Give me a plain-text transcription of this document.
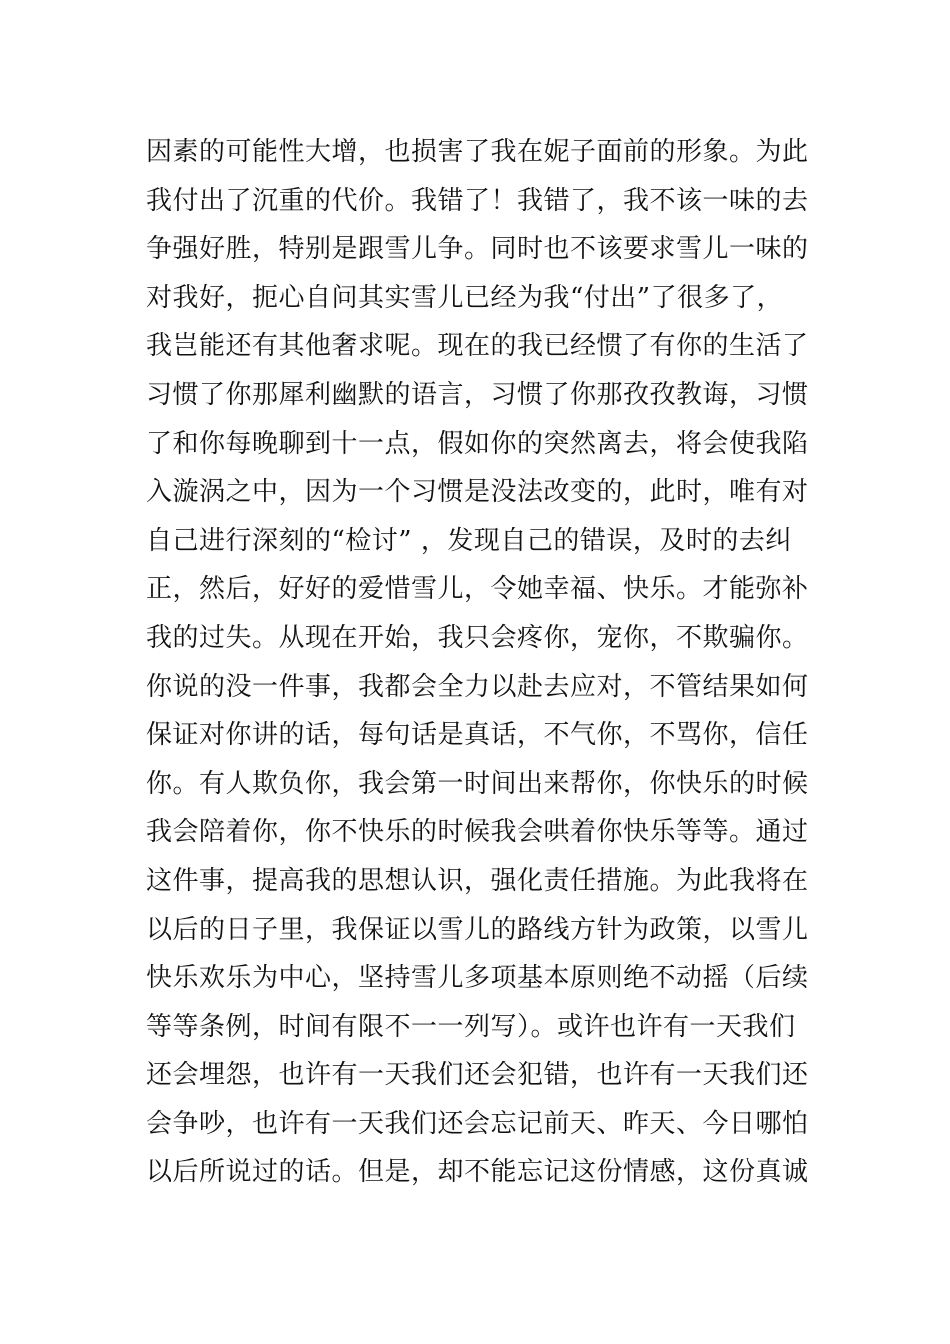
因素的可能性大增，也损害了我在妮子面前的形象。为此
我付出了沉重的代价。我错了！我错了，我不该一味的去
争强好胜，特别是跟雪儿争。同时也不该要求雪儿一味的
对我好，扼心自问其实雪儿已经为我“付出”了很多了，
我岂能还有其他奢求呢。现在的我已经惯了有你的生活了
习惯了你那犀利幽默的语言，习惯了你那孜孜教诲，习惯
了和你每晚聊到十一点，假如你的突然离去，将会使我陷
入漩涡之中，因为一个习惯是没法改变的，此时，唯有对
自己进行深刻的“检讨” ，发现自己的错误，及时的去纠
正，然后，好好的爱惜雪儿，令她幸福、快乐。才能弥补
我的过失。从现在开始，我只会疼你，宠你，不欺骗你。
你说的没一件事，我都会全力以赴去应对，不管结果如何
保证对你讲的话，每句话是真话，不气你，不骂你，信任
你。有人欺负你，我会第一时间出来帮你，你快乐的时候
我会陪着你，你不快乐的时候我会哄着你快乐等等。通过
这件事，提高我的思想认识，强化责任措施。为此我将在
以后的日子里，我保证以雪儿的路线方针为政策，以雪儿
快乐欢乐为中心，坚持雪儿多项基本原则绝不动摇（后续
等等条例，时间有限不一一列写）。或许也许有一天我们
还会埋怨，也许有一天我们还会犯错，也许有一天我们还
会争吵，也许有一天我们还会忘记前天、昨天、今日哪怕
以后所说过的话。但是，却不能忘记这份情感，这份真诚
